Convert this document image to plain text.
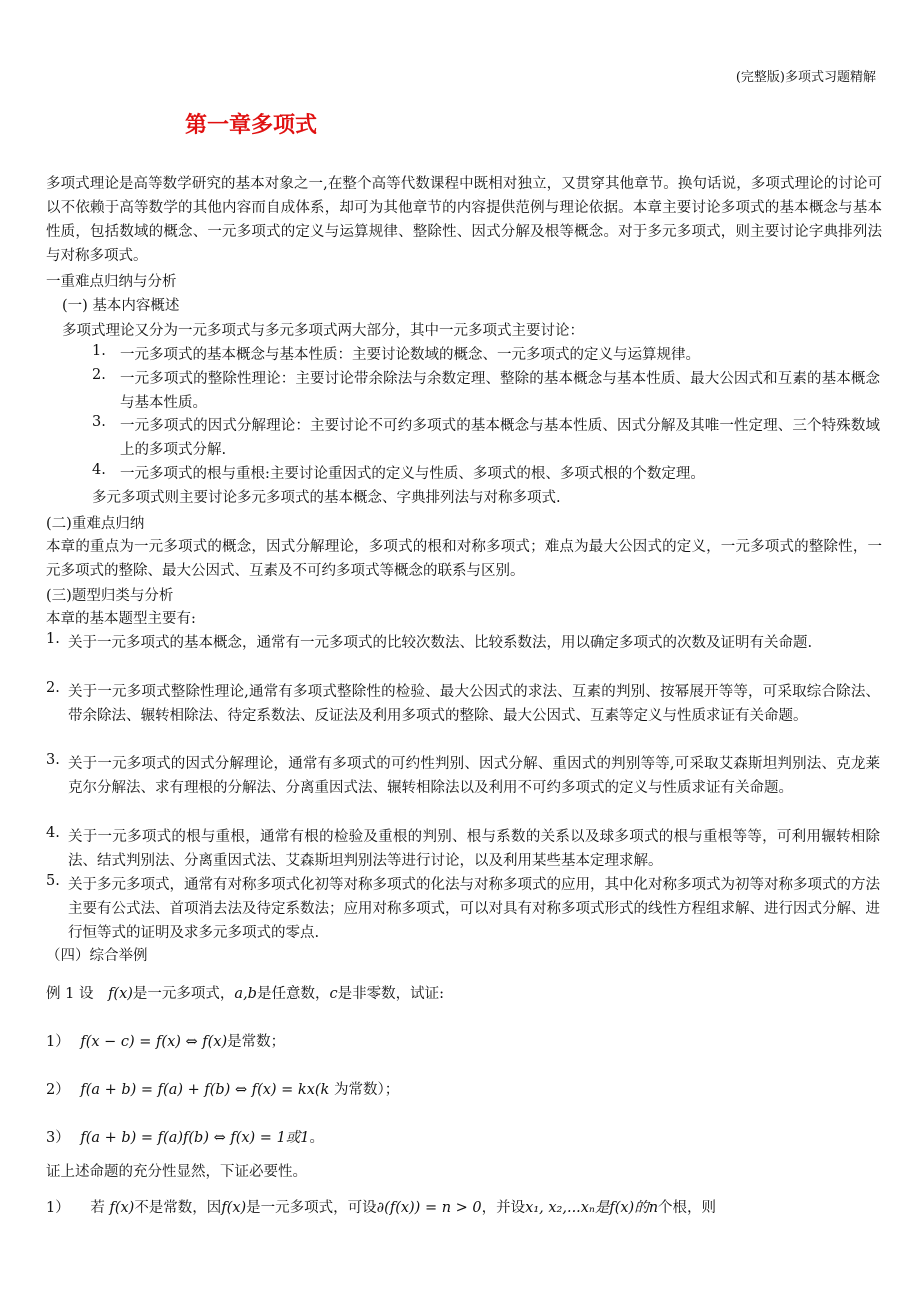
(完整版)多项式习题精解
第一章多项式

多项式理论是高等数学研究的基本对象之一,在整个高等代数课程中既相对独立，又贯穿其他章节。换句话说，多项式理论的讨论可以不依赖于高等数学的其他内容而自成体系，却可为其他章节的内容提供范例与理论依据。本章主要讨论多项式的基本概念与基本性质，包括数域的概念、一元多项式的定义与运算规律、整除性、因式分解及根等概念。对于多元多项式，则主要讨论字典排列法与对称多项式。

一重难点归纳与分析
(一) 基本内容概述
多项式理论又分为一元多项式与多元多项式两大部分，其中一元多项式主要讨论：
1. 一元多项式的基本概念与基本性质：主要讨论数域的概念、一元多项式的定义与运算规律。

2. 一元多项式的整除性理论：主要讨论带余除法与余数定理、整除的基本概念与基本性质、最大公因式和互素的基本概念与基本性质。

3. 一元多项式的因式分解理论：主要讨论不可约多项式的基本概念与基本性质、因式分解及其唯一性定理、三个特殊数域上的多项式分解.

4. 一元多项式的根与重根:主要讨论重因式的定义与性质、多项式的根、多项式根的个数定理。

多元多项式则主要讨论多元多项式的基本概念、字典排列法与对称多项式.
(二)重难点归纳

本章的重点为一元多项式的概念，因式分解理论，多项式的根和对称多项式；难点为最大公因式的定义，一元多项式的整除性，一元多项式的整除、最大公因式、互素及不可约多项式等概念的联系与区别。

(三)题型归类与分析
本章的基本题型主要有:
1. 关于一元多项式的基本概念，通常有一元多项式的比较次数法、比较系数法，用以确定多项式的次数及证明有关命题.

2. 关于一元多项式整除性理论,通常有多项式整除性的检验、最大公因式的求法、互素的判别、按幂展开等等，可采取综合除法、带余除法、辗转相除法、待定系数法、反证法及利用多项式的整除、最大公因式、互素等定义与性质求证有关命题。

3. 关于一元多项式的因式分解理论，通常有多项式的可约性判别、因式分解、重因式的判别等等,可采取艾森斯坦判别法、克龙莱克尔分解法、求有理根的分解法、分离重因式法、辗转相除法以及利用不可约多项式的定义与性质求证有关命题。

4. 关于一元多项式的根与重根，通常有根的检验及重根的判别、根与系数的关系以及球多项式的根与重根等等，可利用辗转相除法、结式判别法、分离重因式法、艾森斯坦判别法等进行讨论，以及利用某些基本定理求解。

5. 关于多元多项式，通常有对称多项式化初等对称多项式的化法与对称多项式的应用，其中化对称多项式为初等对称多项式的方法主要有公式法、首项消去法及待定系数法；应用对称多项式，可以对具有对称多项式形式的线性方程组求解、进行因式分解、进行恒等式的证明及求多元多项式的零点.

（四）综合举例
例 1 设 f(x)是一元多项式，a,b是任意数，c是非零数，试证:
1） f(x − c) = f(x) ⇔ f(x)是常数；
2） f(a + b) = f(a) + f(b) ⇔ f(x) = kx(k 为常数）；
3） f(a + b) = f(a)f(b) ⇔ f(x) = 1或1。
证上述命题的充分性显然，下证必要性。
1） 若 f(x)不是常数，因f(x)是一元多项式，可设∂(f(x)) = n > 0，并设x₁, x₂,...xₙ是f(x)的n个根，则
